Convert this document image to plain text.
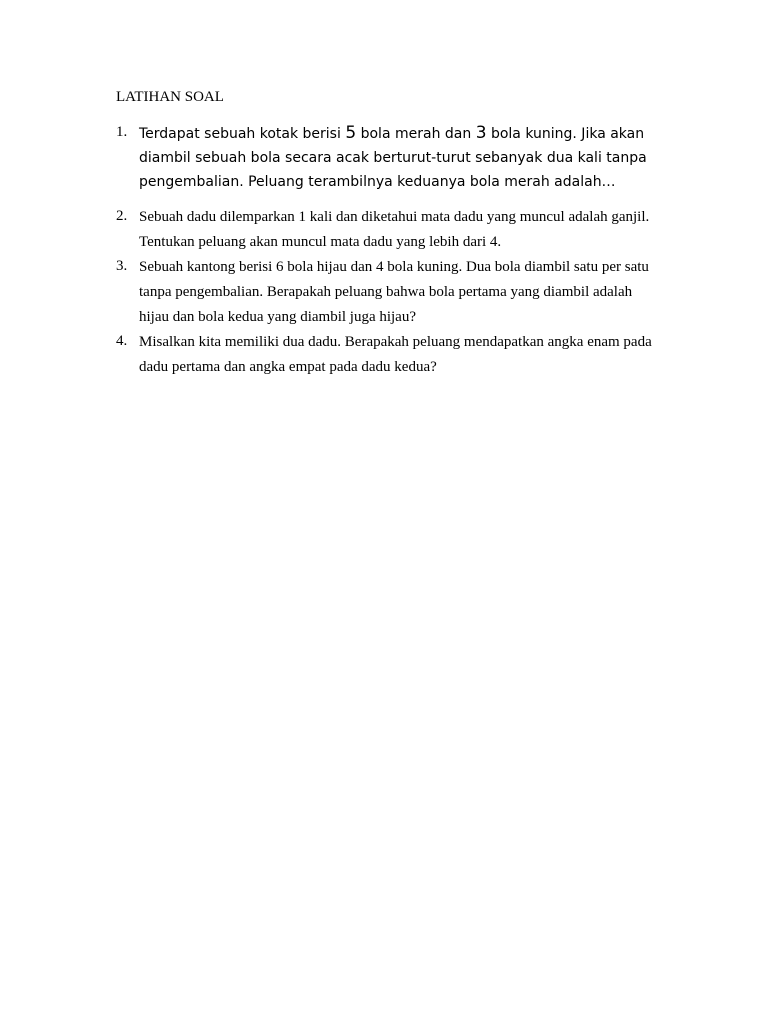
LATIHAN SOAL
1. Terdapat sebuah kotak berisi 5 bola merah dan 3 bola kuning. Jika akan
diambil sebuah bola secara acak berturut-turut sebanyak dua kali tanpa
pengembalian. Peluang terambilnya keduanya bola merah adalah…
2. Sebuah dadu dilemparkan 1 kali dan diketahui mata dadu yang muncul adalah ganjil.
Tentukan peluang akan muncul mata dadu yang lebih dari 4.
3. Sebuah kantong berisi 6 bola hijau dan 4 bola kuning. Dua bola diambil satu per satu
tanpa pengembalian. Berapakah peluang bahwa bola pertama yang diambil adalah
hijau dan bola kedua yang diambil juga hijau?
4. Misalkan kita memiliki dua dadu. Berapakah peluang mendapatkan angka enam pada
dadu pertama dan angka empat pada dadu kedua?
